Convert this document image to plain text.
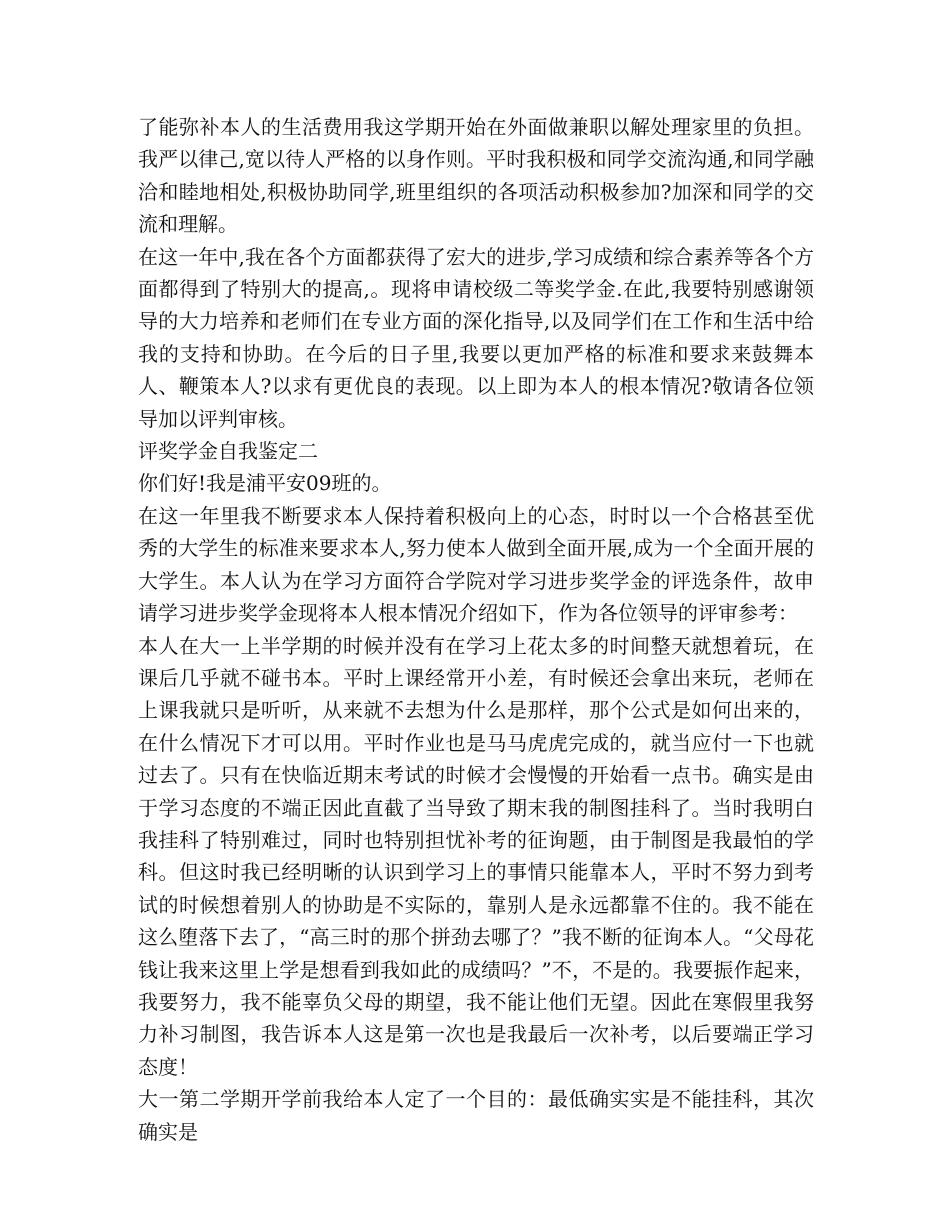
了能弥补本人的生活费用我这学期开始在外面做兼职以解处理家里的负担。我严以律己,宽以待人严格的以身作则。平时我积极和同学交流沟通,和同学融洽和睦地相处,积极协助同学,班里组织的各项活动积极参加?加深和同学的交流和理解。

在这一年中,我在各个方面都获得了宏大的进步,学习成绩和综合素养等各个方面都得到了特别大的提高,。现将申请校级二等奖学金.在此,我要特别感谢领导的大力培养和老师们在专业方面的深化指导,以及同学们在工作和生活中给我的支持和协助。在今后的日子里,我要以更加严格的标准和要求来鼓舞本人、鞭策本人?以求有更优良的表现。以上即为本人的根本情况?敬请各位领导加以评判审核。

评奖学金自我鉴定二

你们好!我是浦平安09班的。

在这一年里我不断要求本人保持着积极向上的心态，时时以一个合格甚至优秀的大学生的标准来要求本人,努力使本人做到全面开展,成为一个全面开展的大学生。本人认为在学习方面符合学院对学习进步奖学金的评选条件，故申请学习进步奖学金现将本人根本情况介绍如下，作为各位领导的评审参考：

本人在大一上半学期的时候并没有在学习上花太多的时间整天就想着玩，在课后几乎就不碰书本。平时上课经常开小差，有时候还会拿出来玩，老师在上课我就只是听听，从来就不去想为什么是那样，那个公式是如何出来的，在什么情况下才可以用。平时作业也是马马虎虎完成的，就当应付一下也就过去了。只有在快临近期末考试的时候才会慢慢的开始看一点书。确实是由于学习态度的不端正因此直截了当导致了期末我的制图挂科了。当时我明白我挂科了特别难过，同时也特别担忧补考的征询题，由于制图是我最怕的学科。但这时我已经明晰的认识到学习上的事情只能靠本人，平时不努力到考试的时候想着别人的协助是不实际的，靠别人是永远都靠不住的。我不能在这么堕落下去了，“高三时的那个拼劲去哪了？”我不断的征询本人。“父母花钱让我来这里上学是想看到我如此的成绩吗？”不，不是的。我要振作起来，我要努力，我不能辜负父母的期望，我不能让他们无望。因此在寒假里我努力补习制图，我告诉本人这是第一次也是我最后一次补考，以后要端正学习态度！

大一第二学期开学前我给本人定了一个目的：最低确实实是不能挂科，其次确实是
